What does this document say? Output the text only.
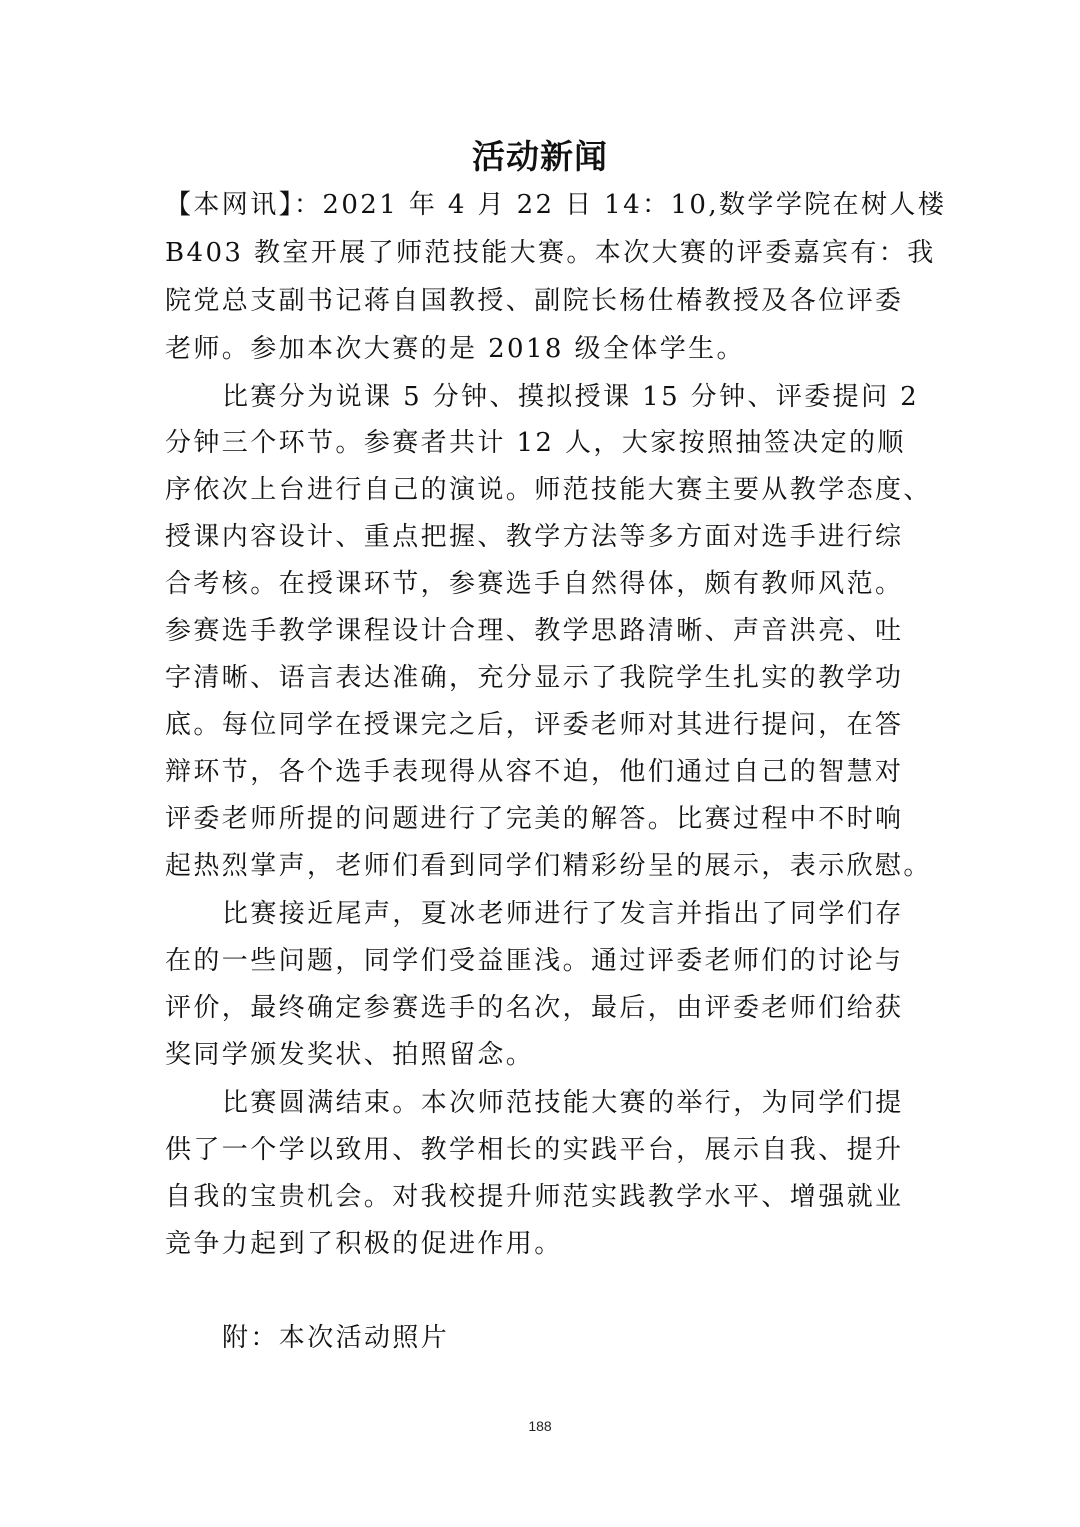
活动新闻
【本网讯】：2021 年 4 月 22 日 14：10,数学学院在树人楼
B403 教室开展了师范技能大赛。本次大赛的评委嘉宾有：我
院党总支副书记蒋自国教授、副院长杨仕椿教授及各位评委
老师。参加本次大赛的是 2018 级全体学生。
比赛分为说课 5 分钟、摸拟授课 15 分钟、评委提问 2
分钟三个环节。参赛者共计 12 人，大家按照抽签决定的顺
序依次上台进行自己的演说。师范技能大赛主要从教学态度、
授课内容设计、重点把握、教学方法等多方面对选手进行综
合考核。在授课环节，参赛选手自然得体，颇有教师风范。
参赛选手教学课程设计合理、教学思路清晰、声音洪亮、吐
字清晰、语言表达准确，充分显示了我院学生扎实的教学功
底。每位同学在授课完之后，评委老师对其进行提问，在答
辩环节，各个选手表现得从容不迫，他们通过自己的智慧对
评委老师所提的问题进行了完美的解答。比赛过程中不时响
起热烈掌声，老师们看到同学们精彩纷呈的展示，表示欣慰。
比赛接近尾声，夏冰老师进行了发言并指出了同学们存
在的一些问题，同学们受益匪浅。通过评委老师们的讨论与
评价，最终确定参赛选手的名次，最后，由评委老师们给获
奖同学颁发奖状、拍照留念。
比赛圆满结束。本次师范技能大赛的举行，为同学们提
供了一个学以致用、教学相长的实践平台，展示自我、提升
自我的宝贵机会。对我校提升师范实践教学水平、增强就业
竞争力起到了积极的促进作用。
附：本次活动照片
188
